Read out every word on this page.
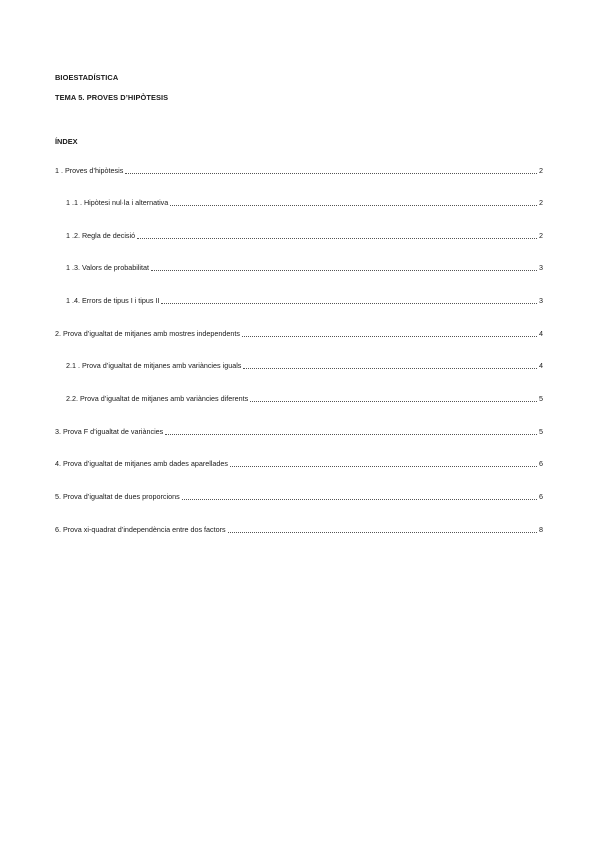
BIOESTADÍSTICA
TEMA 5. PROVES D’HIPÒTESIS
ÍNDEX
1 . Proves d’hipòtesis	2
1 .1 . Hipòtesi nul·la i alternativa	2
1 .2. Regla de decisió	2
1 .3. Valors de probabilitat	3
1 .4. Errors de tipus I i tipus II	3
2. Prova d’igualtat de mitjanes amb mostres independents	4
2.1 . Prova d’igualtat de mitjanes amb variàncies iguals	4
2.2. Prova d’igualtat de mitjanes amb variàncies diferents	5
3. Prova F d’igualtat de variàncies	5
4. Prova d’igualtat de mitjanes amb dades aparellades	6
5. Prova d’igualtat de dues proporcions	6
6. Prova xi-quadrat d’independència entre dos factors	8
